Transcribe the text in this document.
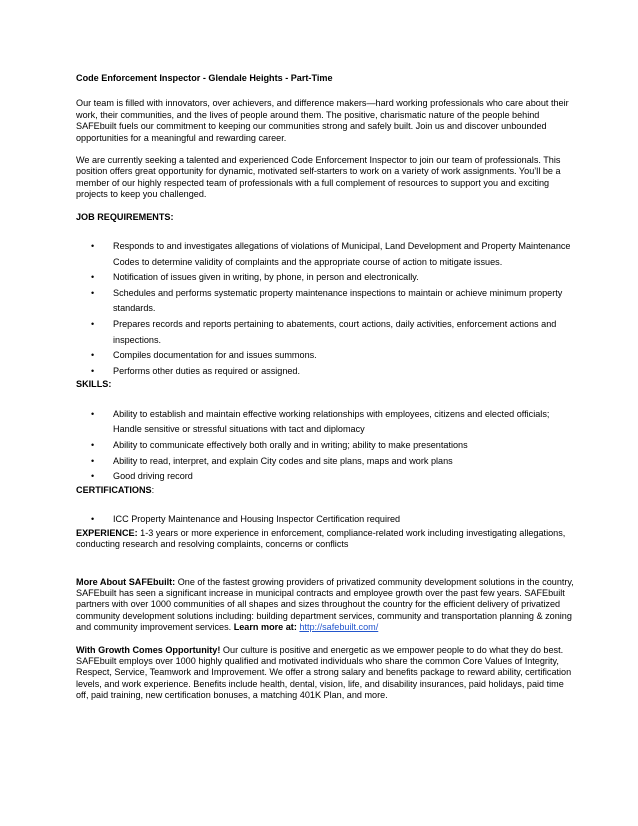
Code Enforcement Inspector - Glendale Heights - Part-Time

Our team is filled with innovators, over achievers, and difference makers—hard working professionals who care about their work, their communities, and the lives of people around them. The positive, charismatic nature of the people behind SAFEbuilt fuels our commitment to keeping our communities strong and safely built. Join us and discover unbounded opportunities for a meaningful and rewarding career.

We are currently seeking a talented and experienced Code Enforcement Inspector to join our team of professionals. This position offers great opportunity for dynamic, motivated self-starters to work on a variety of work assignments. You’ll be a member of our highly respected team of professionals with a full complement of resources to support you and exciting projects to keep you challenged.

JOB REQUIREMENTS:

• Responds to and investigates allegations of violations of Municipal, Land Development and Property Maintenance Codes to determine validity of complaints and the appropriate course of action to mitigate issues.
• Notification of issues given in writing, by phone, in person and electronically.
• Schedules and performs systematic property maintenance inspections to maintain or achieve minimum property standards.
• Prepares records and reports pertaining to abatements, court actions, daily activities, enforcement actions and inspections.
• Compiles documentation for and issues summons.
• Performs other duties as required or assigned.

SKILLS:

• Ability to establish and maintain effective working relationships with employees, citizens and elected officials; Handle sensitive or stressful situations with tact and diplomacy
• Ability to communicate effectively both orally and in writing; ability to make presentations
• Ability to read, interpret, and explain City codes and site plans, maps and work plans
• Good driving record

CERTIFICATIONS:

• ICC Property Maintenance and Housing Inspector Certification required

EXPERIENCE: 1-3 years or more experience in enforcement, compliance-related work including investigating allegations, conducting research and resolving complaints, concerns or conflicts

More About SAFEbuilt: One of the fastest growing providers of privatized community development solutions in the country, SAFEbuilt has seen a significant increase in municipal contracts and employee growth over the past few years. SAFEbuilt partners with over 1000 communities of all shapes and sizes throughout the country for the efficient delivery of privatized community development solutions including: building department services, community and transportation planning & zoning and community improvement services. Learn more at: http://safebuilt.com/

With Growth Comes Opportunity! Our culture is positive and energetic as we empower people to do what they do best. SAFEbuilt employs over 1000 highly qualified and motivated individuals who share the common Core Values of Integrity, Respect, Service, Teamwork and Improvement. We offer a strong salary and benefits package to reward ability, certification levels, and work experience. Benefits include health, dental, vision, life, and disability insurances, paid holidays, paid time off, paid training, new certification bonuses, a matching 401K Plan, and more.
